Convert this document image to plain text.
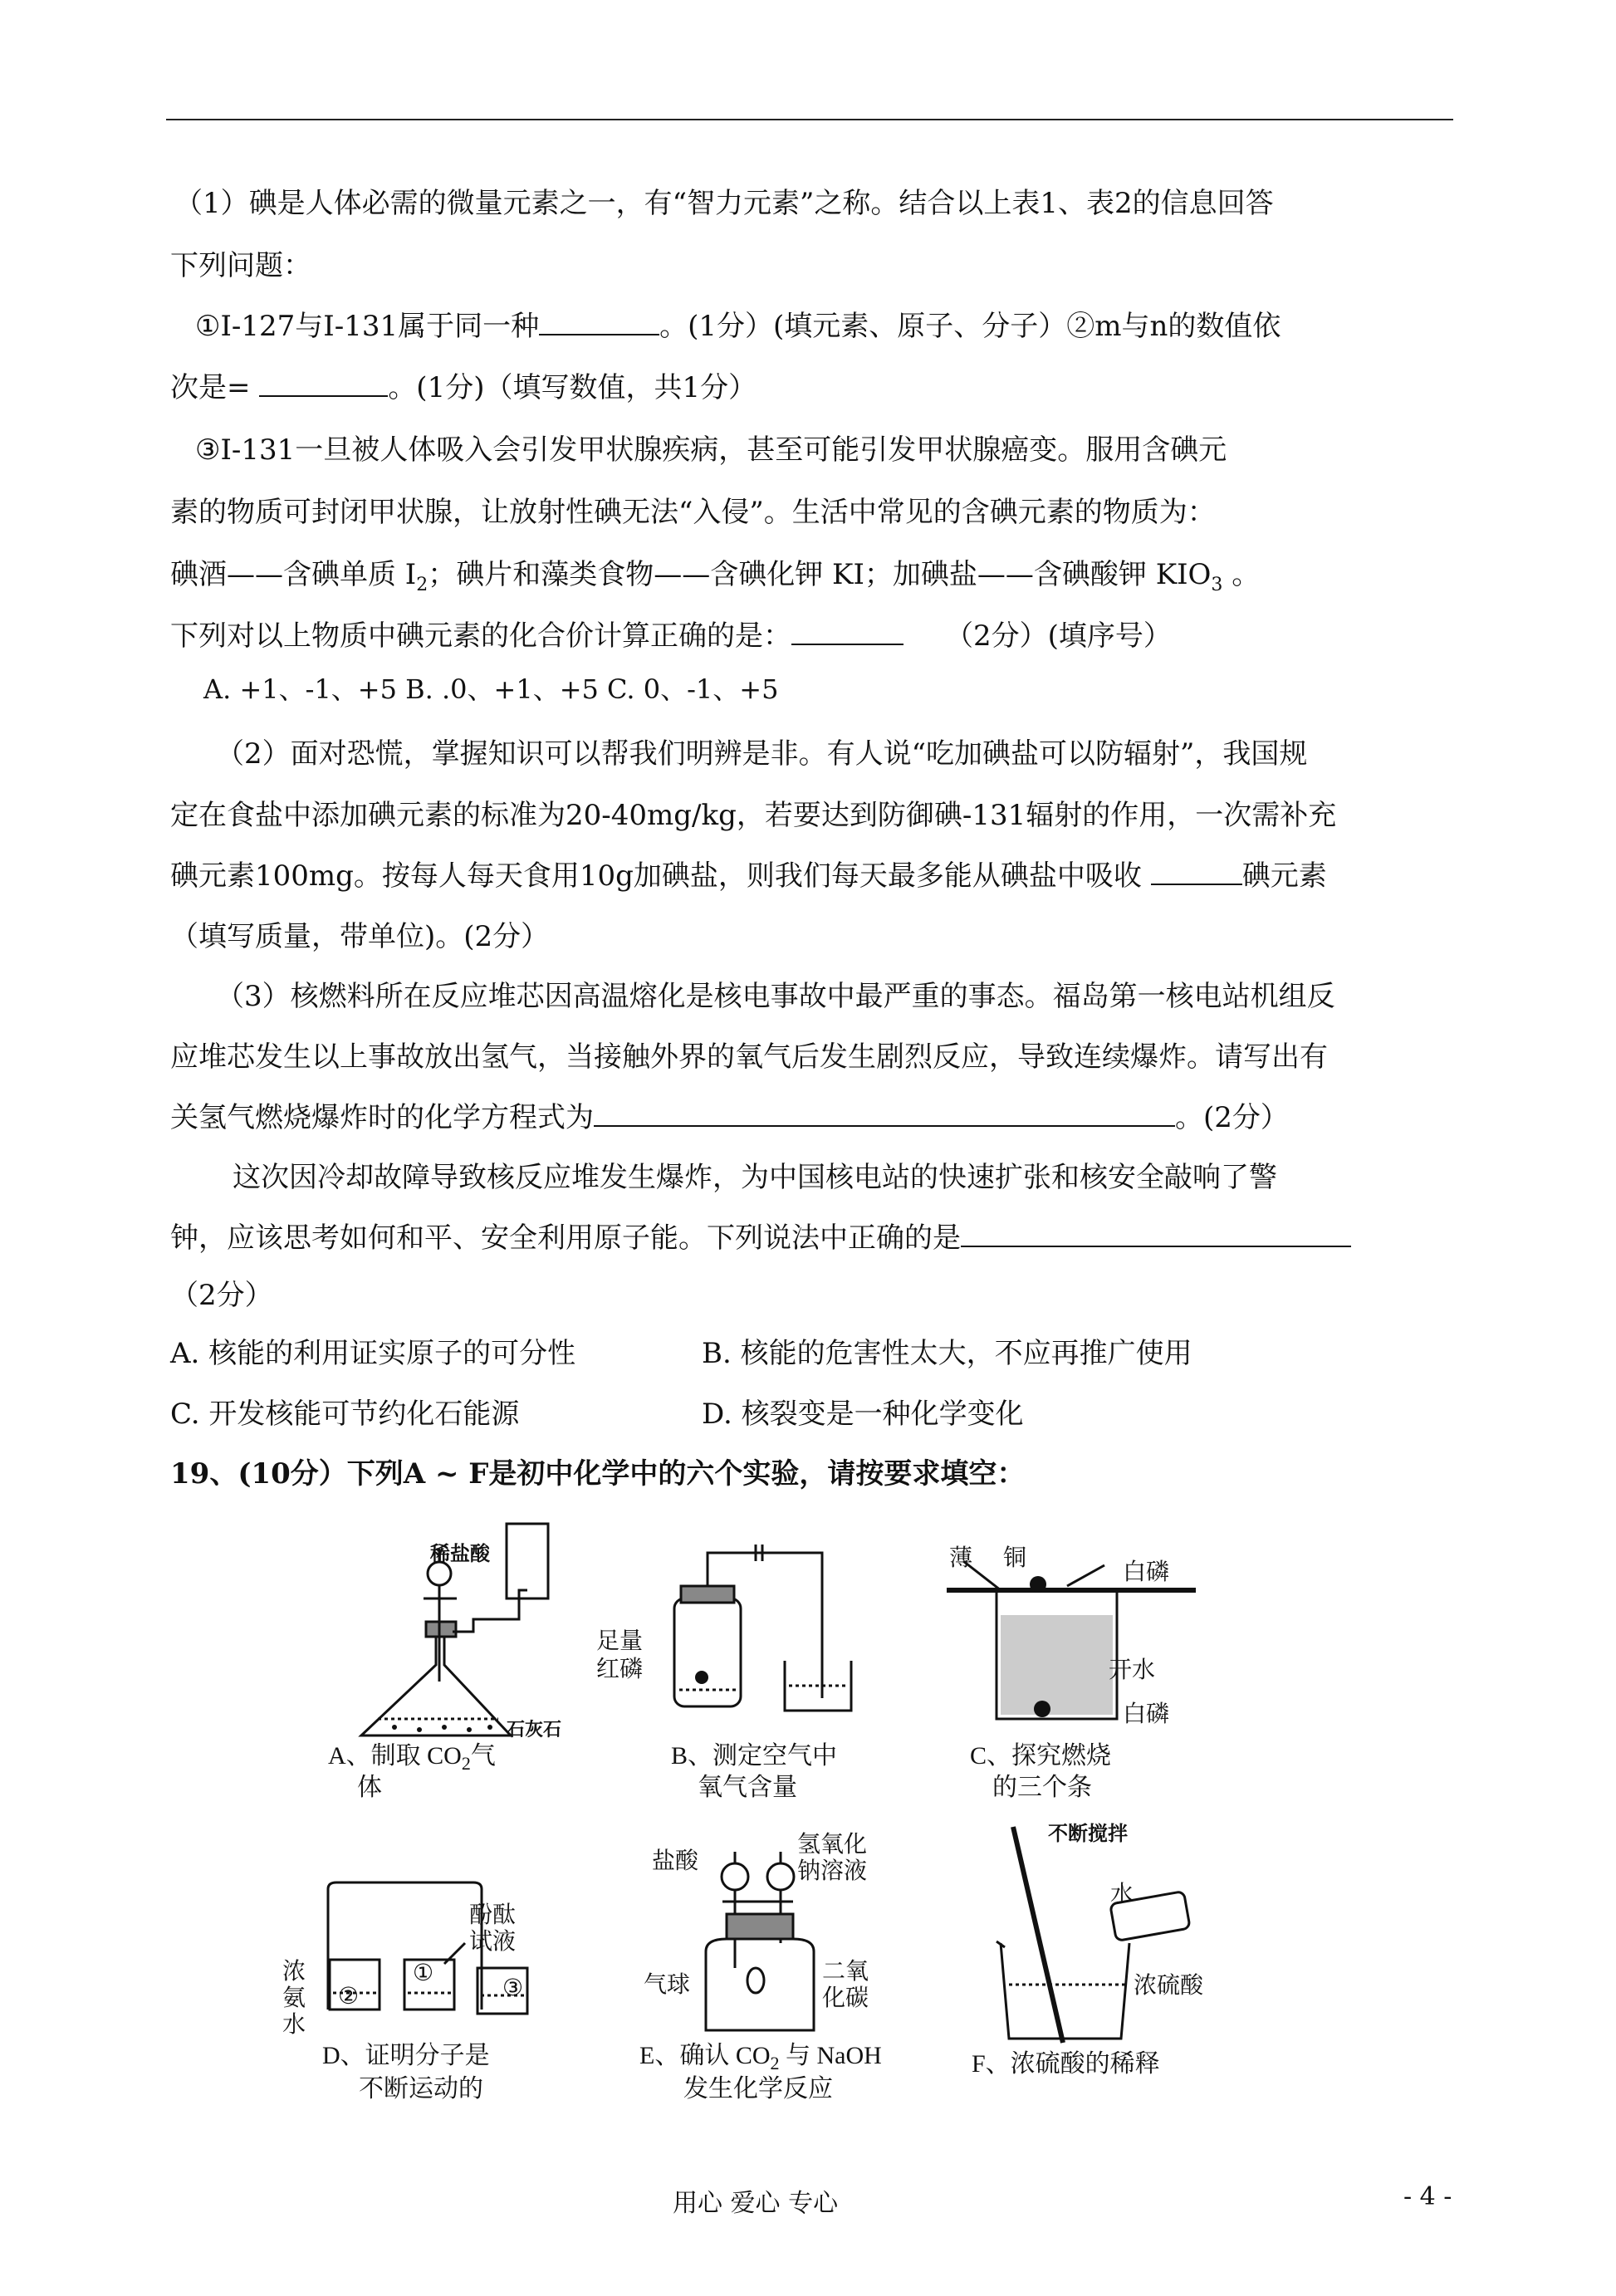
（1）碘是人体必需的微量元素之一，有“智力元素”之称。结合以上表1、表2的信息回答
下列问题：
①I-127与I-131属于同一种	。(1分）(填元素、原子、分子）②m与n的数值依
次是=	。(1分)（填写数值，共1分）
③I-131一旦被人体吸入会引发甲状腺疾病，甚至可能引发甲状腺癌变。服用含碘元
素的物质可封闭甲状腺，让放射性碘无法“入侵”。生活中常见的含碘元素的物质为：
碘酒——含碘单质 $I_2$；碘片和藻类食物——含碘化钾 KI；加碘盐——含碘酸钾 $KIO_3$ 。
下列对以上物质中碘元素的化合价计算正确的是：	（2分）(填序号）
A. +1、-1、+5 B. .0、+1、+5 C. 0、-1、+5
（2）面对恐慌，掌握知识可以帮我们明辨是非。有人说“吃加碘盐可以防辐射”，我国规
定在食盐中添加碘元素的标准为20-40mg/kg，若要达到防御碘-131辐射的作用，一次需补充
碘元素100mg。按每人每天食用10g加碘盐，则我们每天最多能从碘盐中吸收	碘元素
（填写质量，带单位)。(2分）
（3）核燃料所在反应堆芯因高温熔化是核电事故中最严重的事态。福岛第一核电站机组反
应堆芯发生以上事故放出氢气，当接触外界的氧气后发生剧烈反应，导致连续爆炸。请写出有
关氢气燃烧爆炸时的化学方程式为	。(2分）
这次因冷却故障导致核反应堆发生爆炸，为中国核电站的快速扩张和核安全敲响了警
钟，应该思考如何和平、安全利用原子能。下列说法中正确的是
（2分）
A. 核能的利用证实原子的可分性	B. 核能的危害性太大，不应再推广使用
C. 开发核能可节约化石能源	D. 核裂变是一种化学变化
19、(10分）下列A ~ F是初中化学中的六个实验，请按要求填空：
稀盐酸
石灰石
A、制取 $CO_2$气
体
足量
红磷
B、测定空气中
氧气含量
薄 铜
白磷
开水
白磷
C、探究燃烧
的三个条
酚酞
试液
浓
氨
水
②
①
③
D、证明分子是
不断运动的
盐酸
氢氧化
钠溶液
气球	二氧
化碳
E、确认 $CO_2$ 与 NaOH
发生化学反应
不断搅拌
水
浓硫酸
F、浓硫酸的稀释
用心 爱心 专心	- 4 -
